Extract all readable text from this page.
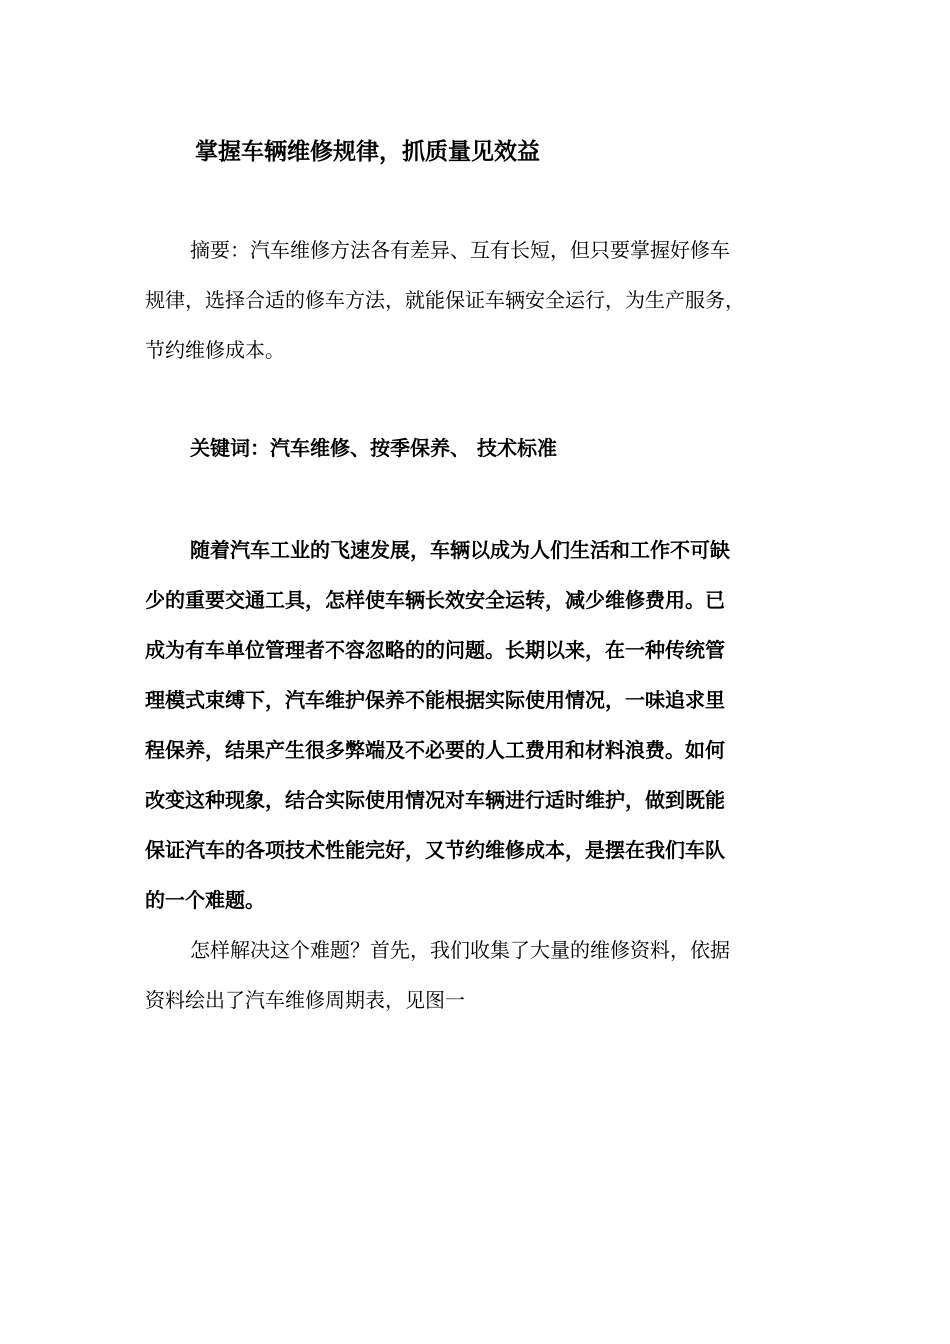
掌握车辆维修规律，抓质量见效益
摘要：汽车维修方法各有差异、互有长短，但只要掌握好修车
规律，选择合适的修车方法，就能保证车辆安全运行，为生产服务，
节约维修成本。
关键词：汽车维修、按季保养、 技术标准
随着汽车工业的飞速发展，车辆以成为人们生活和工作不可缺
少的重要交通工具，怎样使车辆长效安全运转，减少维修费用。已
成为有车单位管理者不容忽略的的问题。长期以来，在一种传统管
理模式束缚下，汽车维护保养不能根据实际使用情况，一味追求里
程保养，结果产生很多弊端及不必要的人工费用和材料浪费。如何
改变这种现象，结合实际使用情况对车辆进行适时维护，做到既能
保证汽车的各项技术性能完好，又节约维修成本，是摆在我们车队
的一个难题。
怎样解决这个难题？首先，我们收集了大量的维修资料，依据
资料绘出了汽车维修周期表，见图一
